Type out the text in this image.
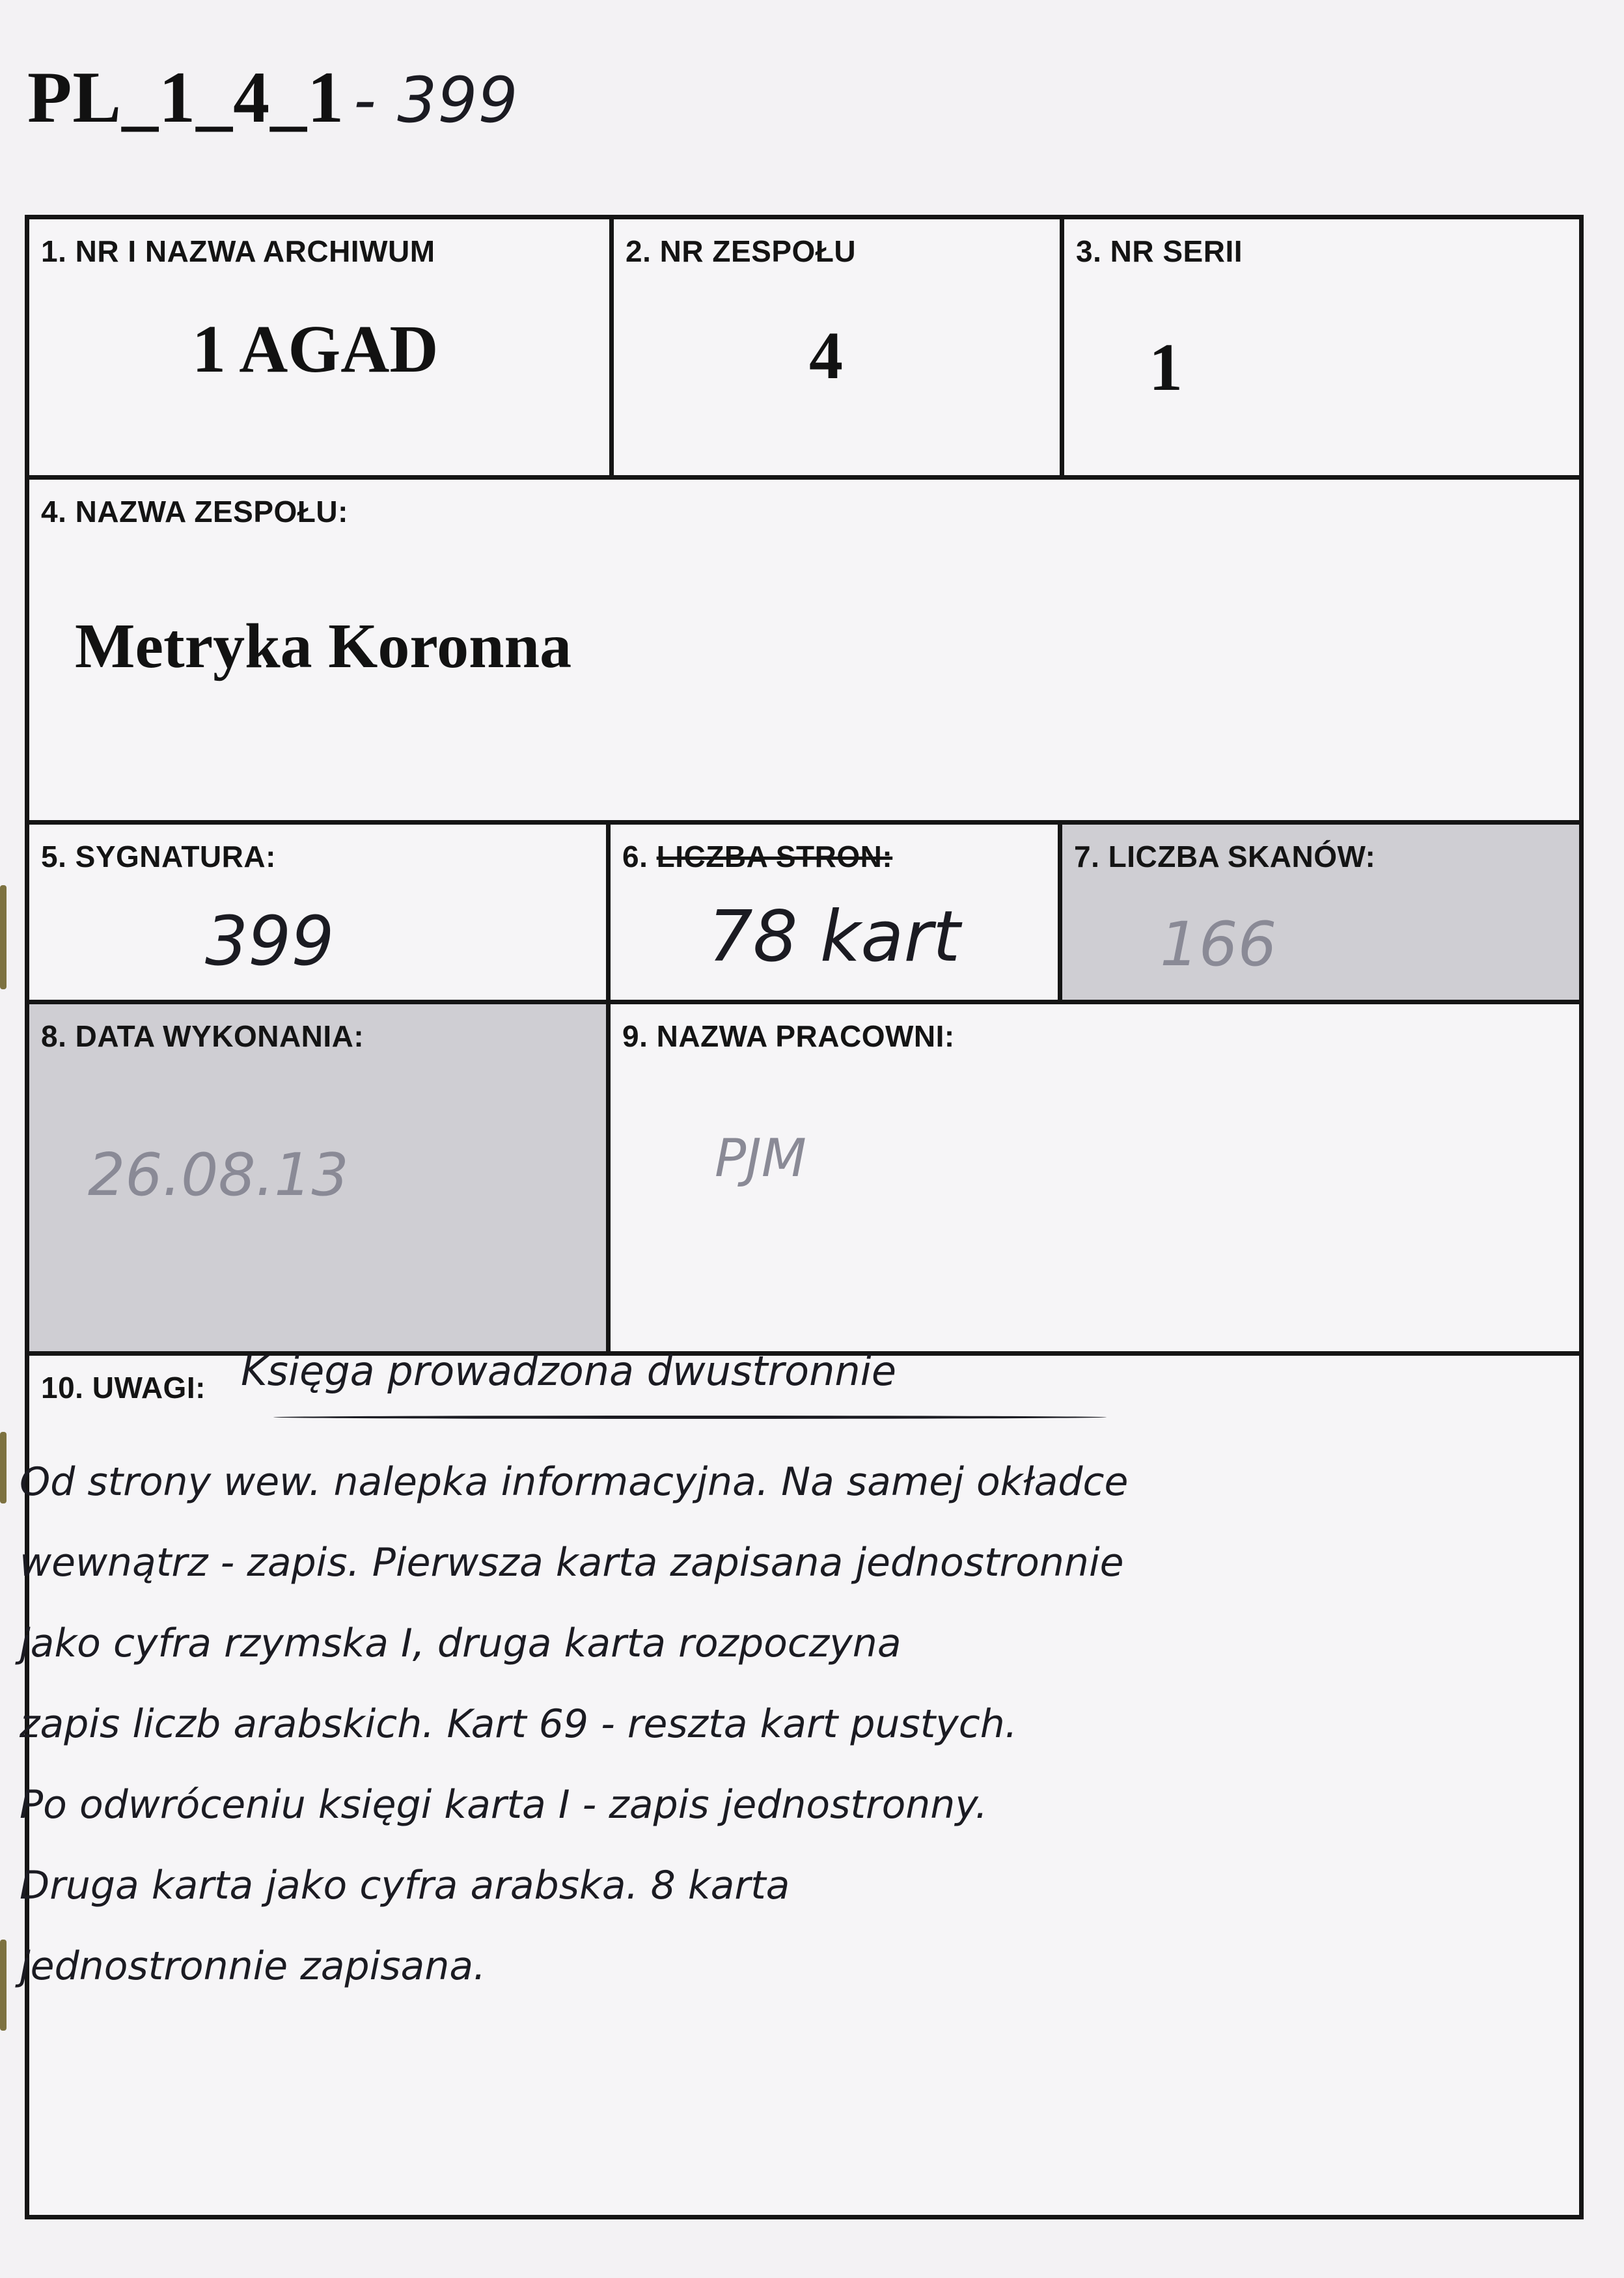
PL_1_4_1 - 399
1. NR I NAZWA ARCHIWUM
1 AGAD
2. NR ZESPOŁU
4
3. NR SERII
1
4. NAZWA ZESPOŁU:
Metryka Koronna
5. SYGNATURA:
399
6. LICZBA STRON:
78 kart
7. LICZBA SKANÓW:
166
8. DATA WYKONANIA:
26.08.13
9. NAZWA PRACOWNI:
PJM
10. UWAGI: Księga prowadzona dwustronnie
Od strony wew. nalepka informacyjna. Na samej okładce
wewnątrz - zapis. Pierwsza karta zapisana jednostronnie
jako cyfra rzymska I, druga karta rozpoczyna
zapis liczb arabskich. Kart 69 - reszta kart pustych.
Po odwróceniu księgi karta I - zapis jednostronny.
Druga karta jako cyfra arabska. 8 karta
jednostronnie zapisana.
